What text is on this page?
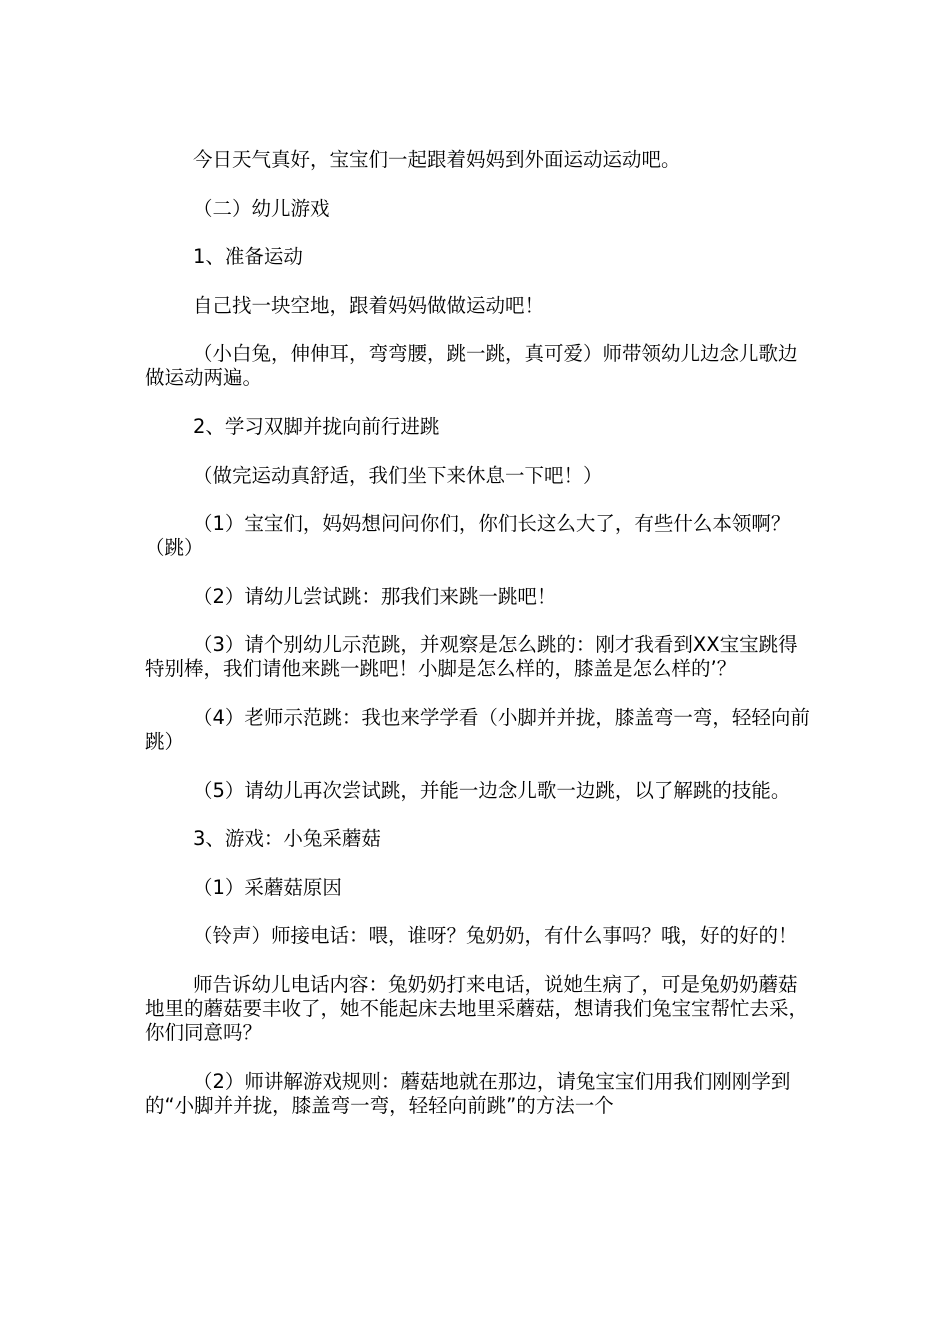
今日天气真好，宝宝们一起跟着妈妈到外面运动运动吧。

（二）幼儿游戏

1、准备运动

自己找一块空地，跟着妈妈做做运动吧！

（小白兔，伸伸耳，弯弯腰，跳一跳，真可爱）师带领幼儿边念儿歌边做运动两遍。

2、学习双脚并拢向前行进跳

（做完运动真舒适，我们坐下来休息一下吧！）

（1）宝宝们，妈妈想问问你们，你们长这么大了，有些什么本领啊？（跳）

（2）请幼儿尝试跳：那我们来跳一跳吧！

（3）请个别幼儿示范跳，并观察是怎么跳的：刚才我看到XX宝宝跳得特别棒，我们请他来跳一跳吧！小脚是怎么样的，膝盖是怎么样的’？

（4）老师示范跳：我也来学学看（小脚并并拢，膝盖弯一弯，轻轻向前跳）

（5）请幼儿再次尝试跳，并能一边念儿歌一边跳，以了解跳的技能。

3、游戏：小兔采蘑菇

（1）采蘑菇原因

（铃声）师接电话：喂，谁呀？兔奶奶，有什么事吗？哦，好的好的！

师告诉幼儿电话内容：兔奶奶打来电话，说她生病了，可是兔奶奶蘑菇地里的蘑菇要丰收了，她不能起床去地里采蘑菇，想请我们兔宝宝帮忙去采，你们同意吗？

（2）师讲解游戏规则：蘑菇地就在那边，请兔宝宝们用我们刚刚学到的“小脚并并拢，膝盖弯一弯，轻轻向前跳”的方法一个
